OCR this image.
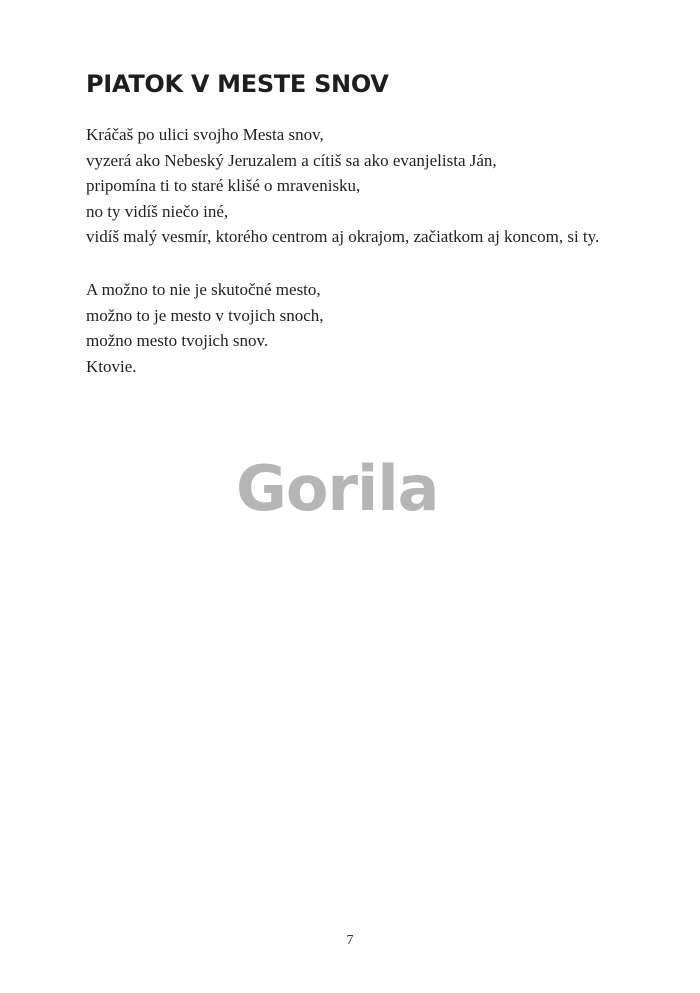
PIATOK V MESTE SNOV
Kráčaš po ulici svojho Mesta snov,
vyzerá ako Nebeský Jeruzalem a cítiš sa ako evanjelista Ján,
pripomína ti to staré klišé o mravenisku,
no ty vidíš niečo iné,
vidíš malý vesmír, ktorého centrom aj okrajom, začiatkom aj koncom, si ty.
A možno to nie je skutočné mesto,
možno to je mesto v tvojich snoch,
možno mesto tvojich snov.
Ktovie.
Gorila
7
